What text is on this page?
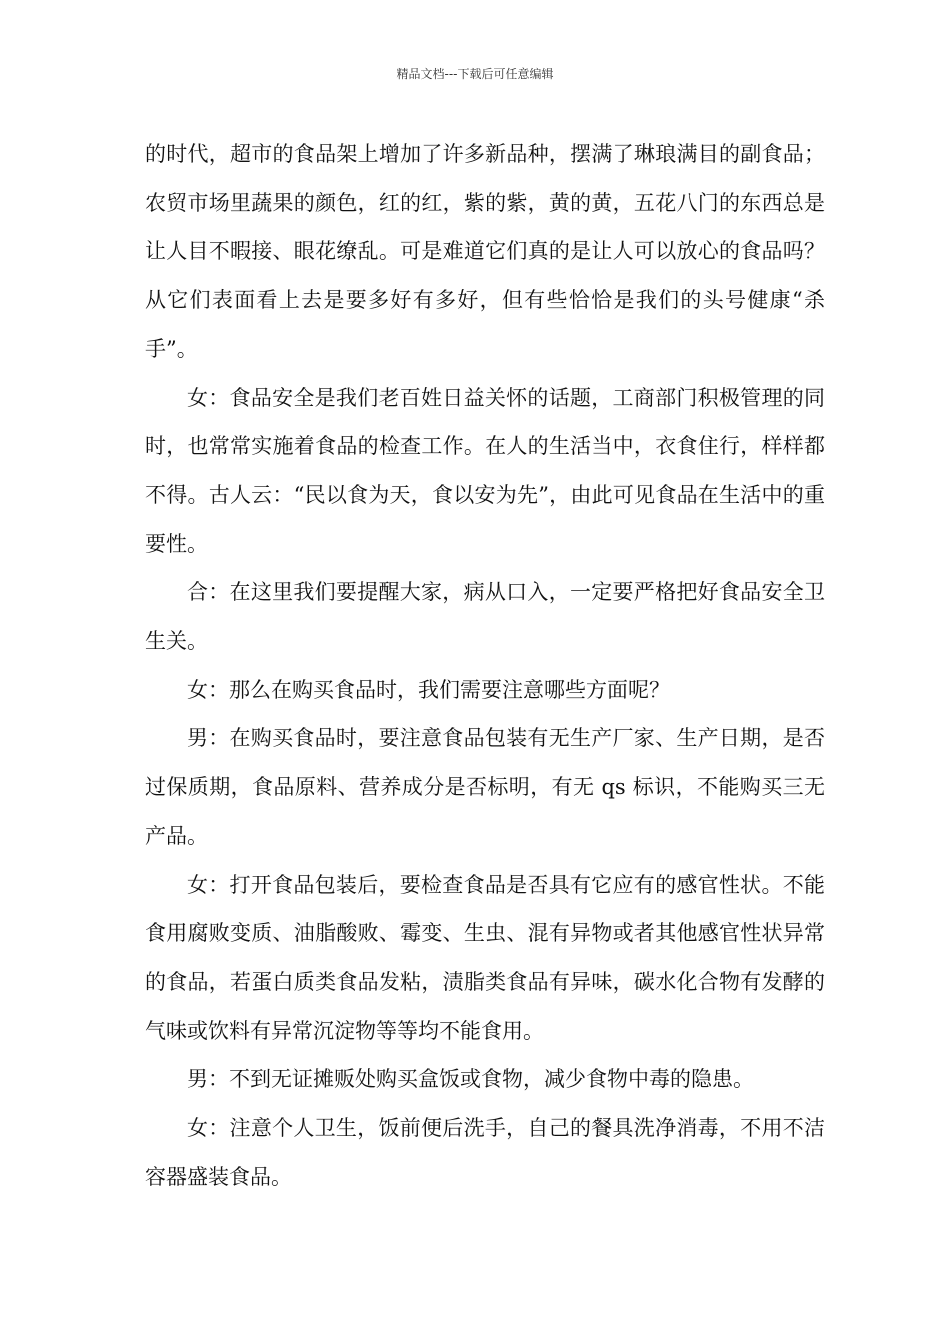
精品文档---下载后可任意编辑

的时代，超市的食品架上增加了许多新品种，摆满了琳琅满目的副食品；农贸市场里蔬果的颜色，红的红，紫的紫，黄的黄，五花八门的东西总是让人目不暇接、眼花缭乱。可是难道它们真的是让人可以放心的食品吗？从它们表面看上去是要多好有多好，但有些恰恰是我们的头号健康“杀手”。

女：食品安全是我们老百姓日益关怀的话题，工商部门积极管理的同时，也常常实施着食品的检查工作。在人的生活当中，衣食住行，样样都不得。古人云：“民以食为天，食以安为先”，由此可见食品在生活中的重要性。

合：在这里我们要提醒大家，病从口入，一定要严格把好食品安全卫生关。

女：那么在购买食品时，我们需要注意哪些方面呢？

男：在购买食品时，要注意食品包装有无生产厂家、生产日期，是否过保质期，食品原料、营养成分是否标明，有无 qs 标识，不能购买三无产品。

女：打开食品包装后，要检查食品是否具有它应有的感官性状。不能食用腐败变质、油脂酸败、霉变、生虫、混有异物或者其他感官性状异常的食品，若蛋白质类食品发粘，渍脂类食品有异味，碳水化合物有发酵的气味或饮料有异常沉淀物等等均不能食用。

男：不到无证摊贩处购买盒饭或食物，减少食物中毒的隐患。

女：注意个人卫生，饭前便后洗手，自己的餐具洗净消毒，不用不洁容器盛装食品。
